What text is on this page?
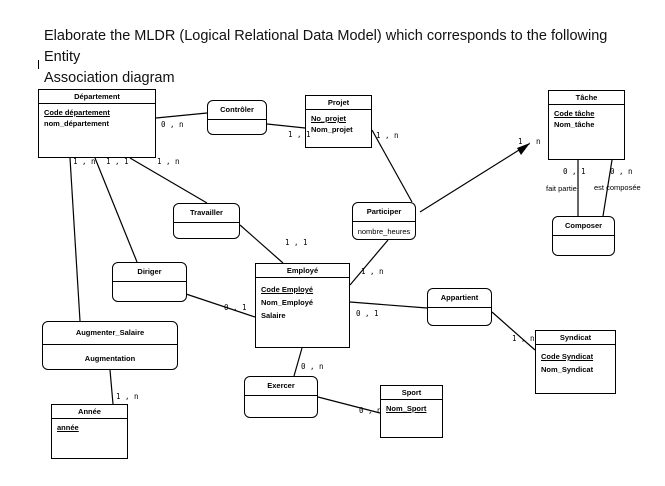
Elaborate the MLDR (Logical Relational Data Model) which corresponds to the following Entity
Association diagram
Département
Code département
nom_département
Projet
No_projet
Nom_projet
Tâche
Code tâche
Nom_tâche
Employé
Code Employé
Nom_Employé
Salaire
Syndicat
Code Syndicat
Nom_Syndicat
Sport
Nom_Sport
Année
année
Contrôler
Travailler	Participer
nombre_heures
Composer
Diriger
Appartient
Augmenter_Salaire
Augmentation
Exercer
0 , n
1 , 1	1 , n
1 , n
0 , 1	0 , n
1 , n 1 , 1	1 , n
1 , 1
1 , n
0 , 1
0 , 1
1 , n
0 , n
0 , n
1 , n
fait partie est composée
